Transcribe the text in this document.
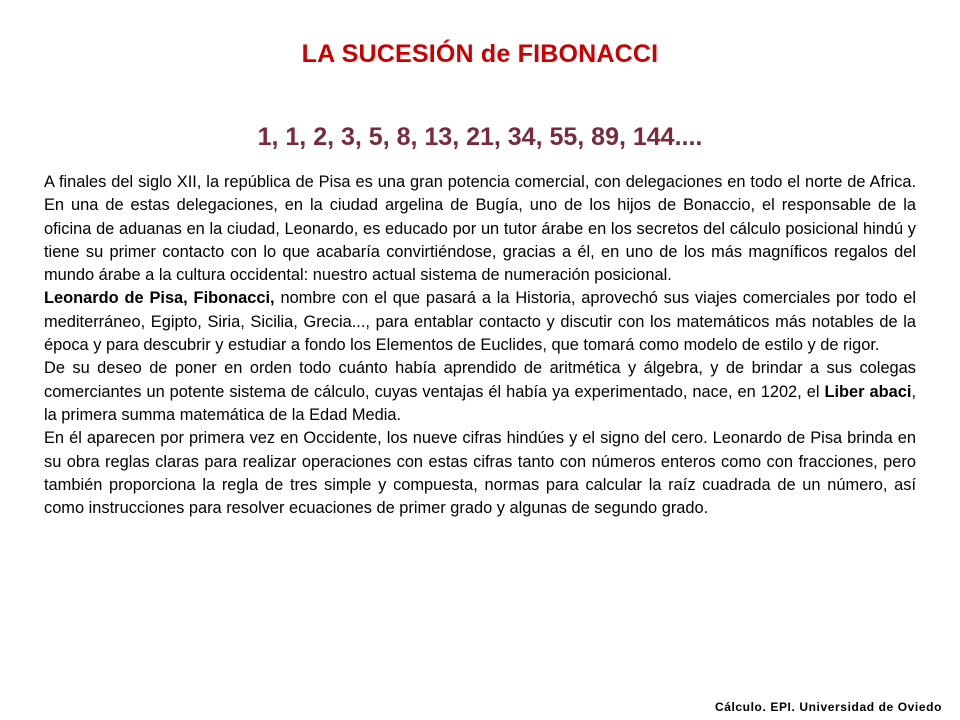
LA SUCESIÓN de FIBONACCI
1, 1, 2, 3, 5, 8, 13, 21, 34, 55, 89, 144....

A finales del siglo XII, la república de Pisa es una gran potencia comercial, con delegaciones en todo el norte de Africa. En una de estas delegaciones, en la ciudad argelina de Bugía, uno de los hijos de Bonaccio, el responsable de la oficina de aduanas en la ciudad, Leonardo, es educado por un tutor árabe en los secretos del cálculo posicional hindú y tiene su primer contacto con lo que acabaría convirtiéndose, gracias a él, en uno de los más magníficos regalos del mundo árabe a la cultura occidental: nuestro actual sistema de numeración posicional.

Leonardo de Pisa, Fibonacci, nombre con el que pasará a la Historia, aprovechó sus viajes comerciales por todo el mediterráneo, Egipto, Siria, Sicilia, Grecia..., para entablar contacto y discutir con los matemáticos más notables de la época y para descubrir y estudiar a fondo los Elementos de Euclides, que tomará como modelo de estilo y de rigor.

De su deseo de poner en orden todo cuánto había aprendido de aritmética y álgebra, y de brindar a sus colegas comerciantes un potente sistema de cálculo, cuyas ventajas él había ya experimentado, nace, en 1202, el Liber abaci, la primera summa matemática de la Edad Media.

En él aparecen por primera vez en Occidente, los nueve cifras hindúes y el signo del cero. Leonardo de Pisa brinda en su obra reglas claras para realizar operaciones con estas cifras tanto con números enteros como con fracciones, pero también proporciona la regla de tres simple y compuesta, normas para calcular la raíz cuadrada de un número, así como instrucciones para resolver ecuaciones de primer grado y algunas de segundo grado.

Cálculo. EPI. Universidad de Oviedo
